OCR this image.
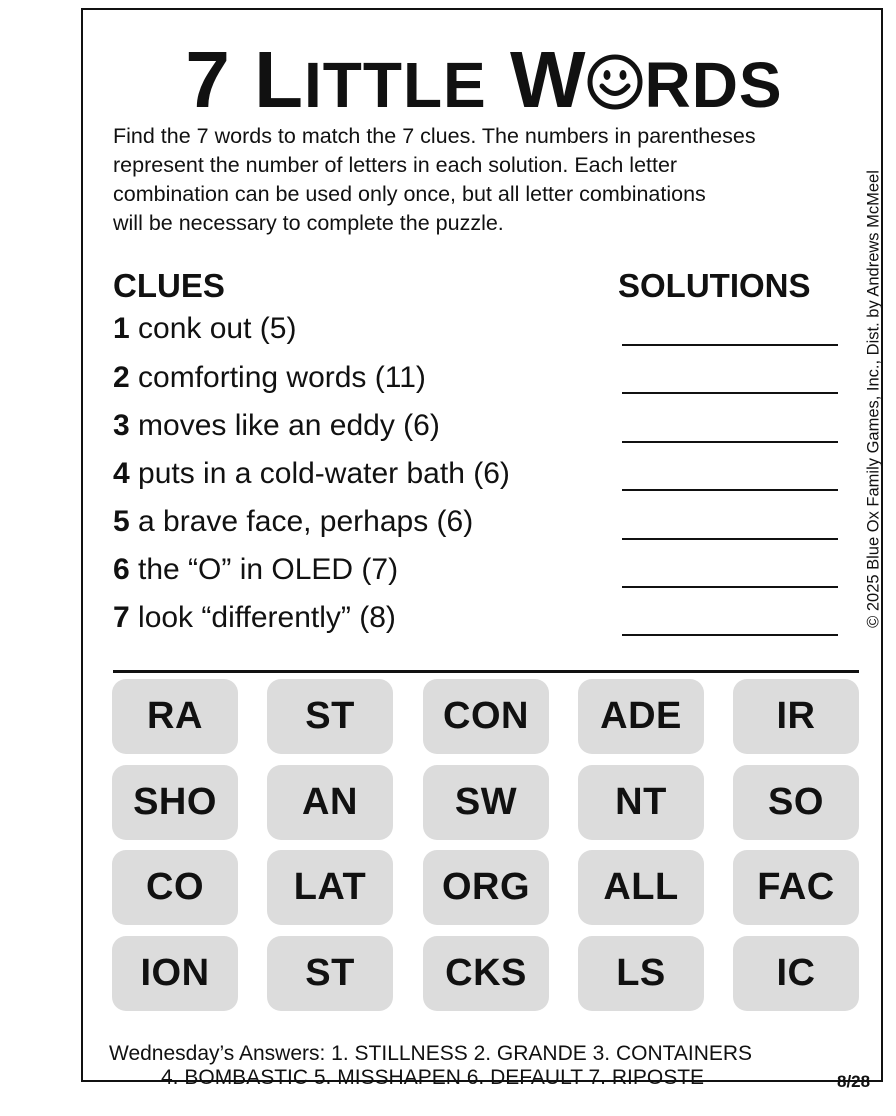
7 LITTLE W RDS
Find the 7 words to match the 7 clues. The numbers in parentheses
represent the number of letters in each solution. Each letter
combination can be used only once, but all letter combinations
will be necessary to complete the puzzle.
CLUES	SOLUTIONS
1 conk out (5)
2 comforting words (11)
3 moves like an eddy (6)
4 puts in a cold-water bath (6)
5 a brave face, perhaps (6)
6 the “O” in OLED (7)
7 look “differently” (8)	© 2025 Blue Ox Family Games, Inc., Dist. by Andrews McMeel
RA	ST	CON	ADE	IR
SHO	AN	SW	NT	SO
CO	LAT	ORG	ALL	FAC
ION	ST	CKS	LS	IC
Wednesday’s Answers: 1. STILLNESS 2. GRANDE 3. CONTAINERS
4. BOMBASTIC 5. MISSHAPEN 6. DEFAULT 7. RIPOSTE	8/28
